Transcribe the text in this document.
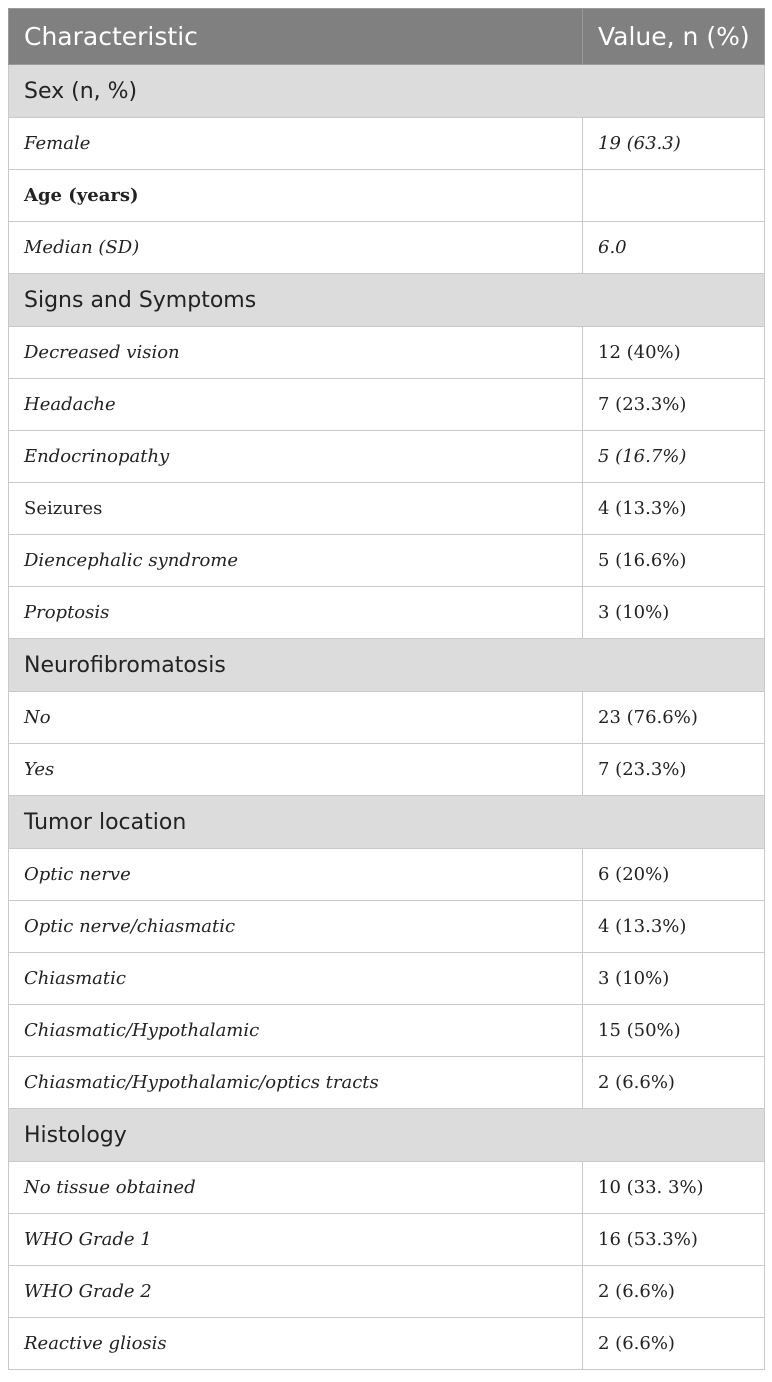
Characteristic	Value, n (%)
Sex (n, %)	
Female	19 (63.3)
Age (years)	
Median (SD)	6.0
Signs and Symptoms	
Decreased vision	12 (40%)
Headache	7 (23.3%)
Endocrinopathy	5 (16.7%)
Seizures	4 (13.3%)
Diencephalic syndrome	5 (16.6%)
Proptosis	3 (10%)
Neurofibromatosis	
No	23 (76.6%)
Yes	7 (23.3%)
Tumor location	
Optic nerve	6 (20%)
Optic nerve/chiasmatic	4 (13.3%)
Chiasmatic	3 (10%)
Chiasmatic/Hypothalamic	15 (50%)
Chiasmatic/Hypothalamic/optics tracts	2 (6.6%)
Histology	
No tissue obtained	10 (33. 3%)
WHO Grade 1	16 (53.3%)
WHO Grade 2	2 (6.6%)
Reactive gliosis	2 (6.6%)
